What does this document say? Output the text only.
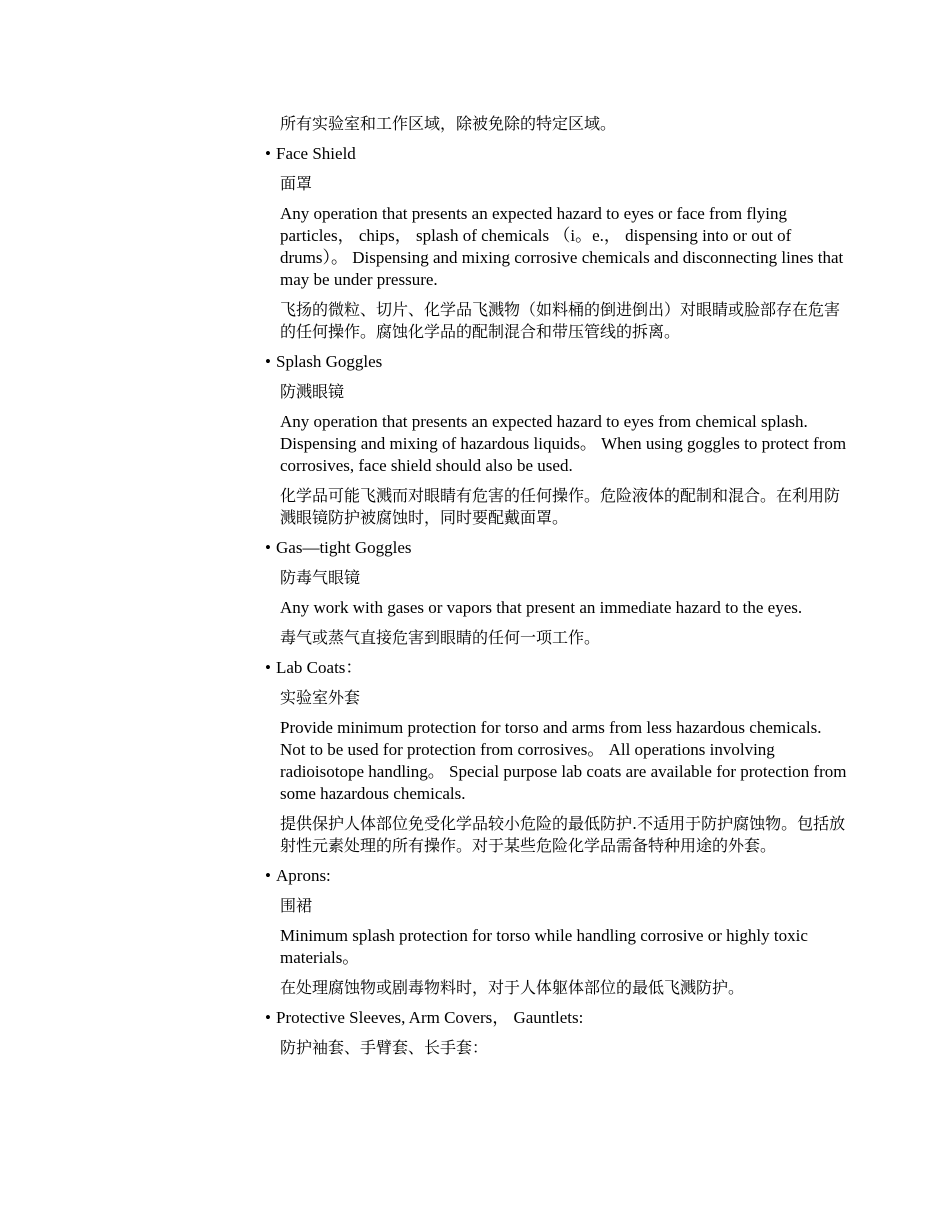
所有实验室和工作区域，除被免除的特定区域。

• Face Shield

面罩

Any operation that presents an expected hazard to eyes or face from flying particles， chips， splash of chemicals （i。e.， dispensing into or out of drums）。 Dispensing and mixing corrosive chemicals and disconnecting lines that may be under pressure.

飞扬的微粒、切片、化学品飞溅物（如料桶的倒进倒出）对眼睛或脸部存在危害的任何操作。腐蚀化学品的配制混合和带压管线的拆离。

• Splash Goggles

防溅眼镜

Any operation that presents an expected hazard to eyes from chemical splash. Dispensing and mixing of hazardous liquids。 When using goggles to protect from corrosives, face shield should also be used.

化学品可能飞溅而对眼睛有危害的任何操作。危险液体的配制和混合。在利用防溅眼镜防护被腐蚀时，同时要配戴面罩。

• Gas—tight Goggles

防毒气眼镜

Any work with gases or vapors that present an immediate hazard to the eyes.

毒气或蒸气直接危害到眼睛的任何一项工作。

• Lab Coats：

实验室外套

Provide minimum protection for torso and arms from less hazardous chemicals. Not to be used for protection from corrosives。 All operations involving radioisotope handling。 Special purpose lab coats are available for protection from some hazardous chemicals.

提供保护人体部位免受化学品较小危险的最低防护.不适用于防护腐蚀物。包括放射性元素处理的所有操作。对于某些危险化学品需备特种用途的外套。

• Aprons:

围裙

Minimum splash protection for torso while handling corrosive or highly toxic materials。

在处理腐蚀物或剧毒物料时，对于人体躯体部位的最低飞溅防护。

• Protective Sleeves, Arm Covers， Gauntlets:

防护袖套、手臂套、长手套：
